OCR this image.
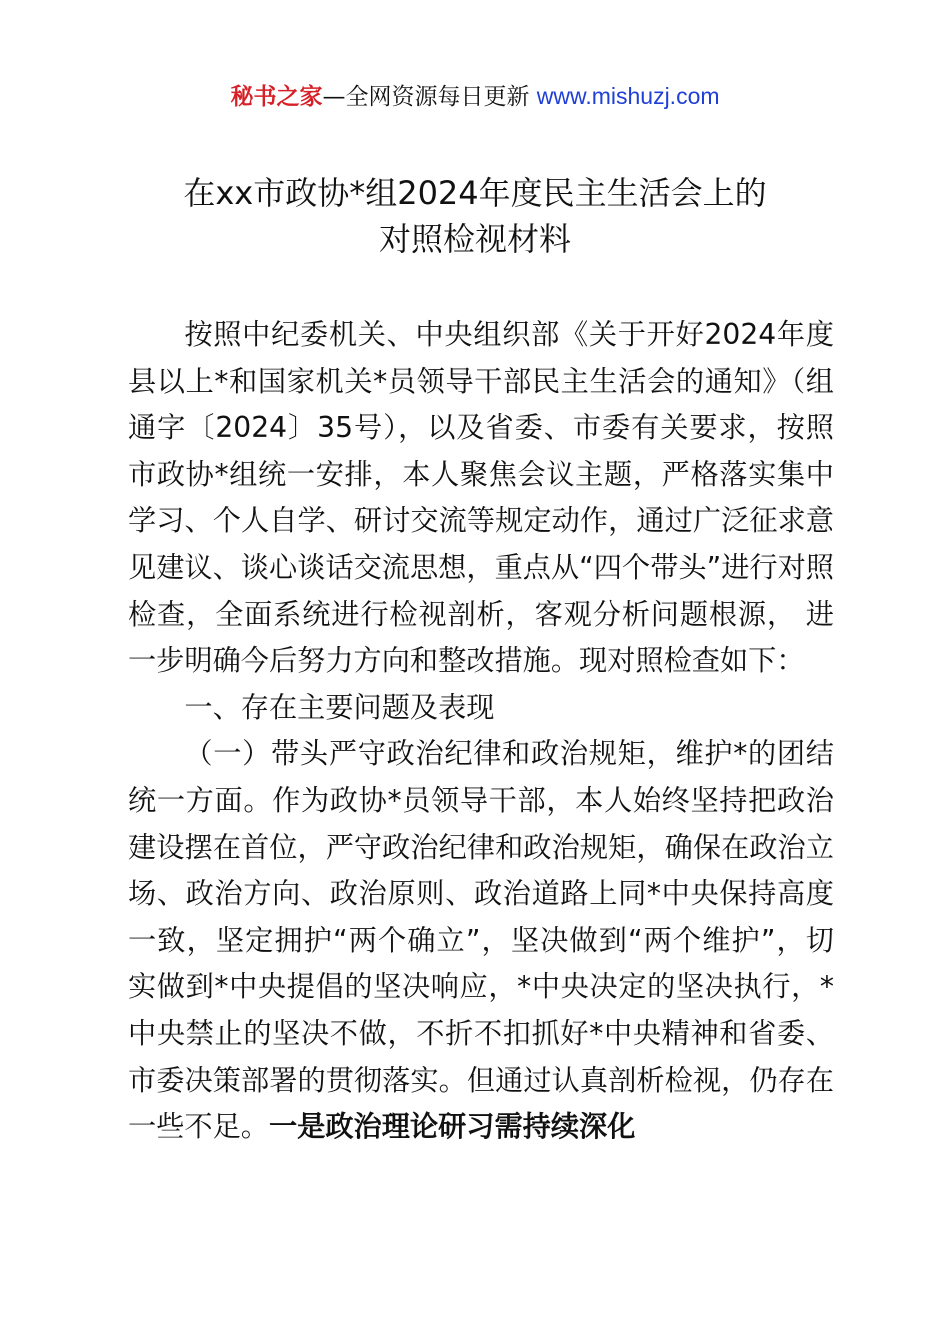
秘书之家—全网资源每日更新 www.mishuzj.com
在xx市政协*组2024年度民主生活会上的
对照检视材料

按照中纪委机关、中央组织部《关于开好2024年度县以上*和国家机关*员领导干部民主生活会的通知》（组通字〔2024〕35号），以及省委、市委有关要求，按照市政协*组统一安排，本人聚焦会议主题，严格落实集中学习、个人自学、研讨交流等规定动作，通过广泛征求意见建议、谈心谈话交流思想，重点从“四个带头”进行对照检查，全面系统进行检视剖析，客观分析问题根源， 进一步明确今后努力方向和整改措施。现对照检查如下：

一、存在主要问题及表现

（一）带头严守政治纪律和政治规矩，维护*的团结统一方面。作为政协*员领导干部，本人始终坚持把政治建设摆在首位，严守政治纪律和政治规矩，确保在政治立场、政治方向、政治原则、政治道路上同*中央保持高度一致，坚定拥护“两个确立”，坚决做到“两个维护”，切实做到*中央提倡的坚决响应，*中央决定的坚决执行，*中央禁止的坚决不做，不折不扣抓好*中央精神和省委、市委决策部署的贯彻落实。但通过认真剖析检视，仍存在一些不足。一是政治理论研习需持续深化
